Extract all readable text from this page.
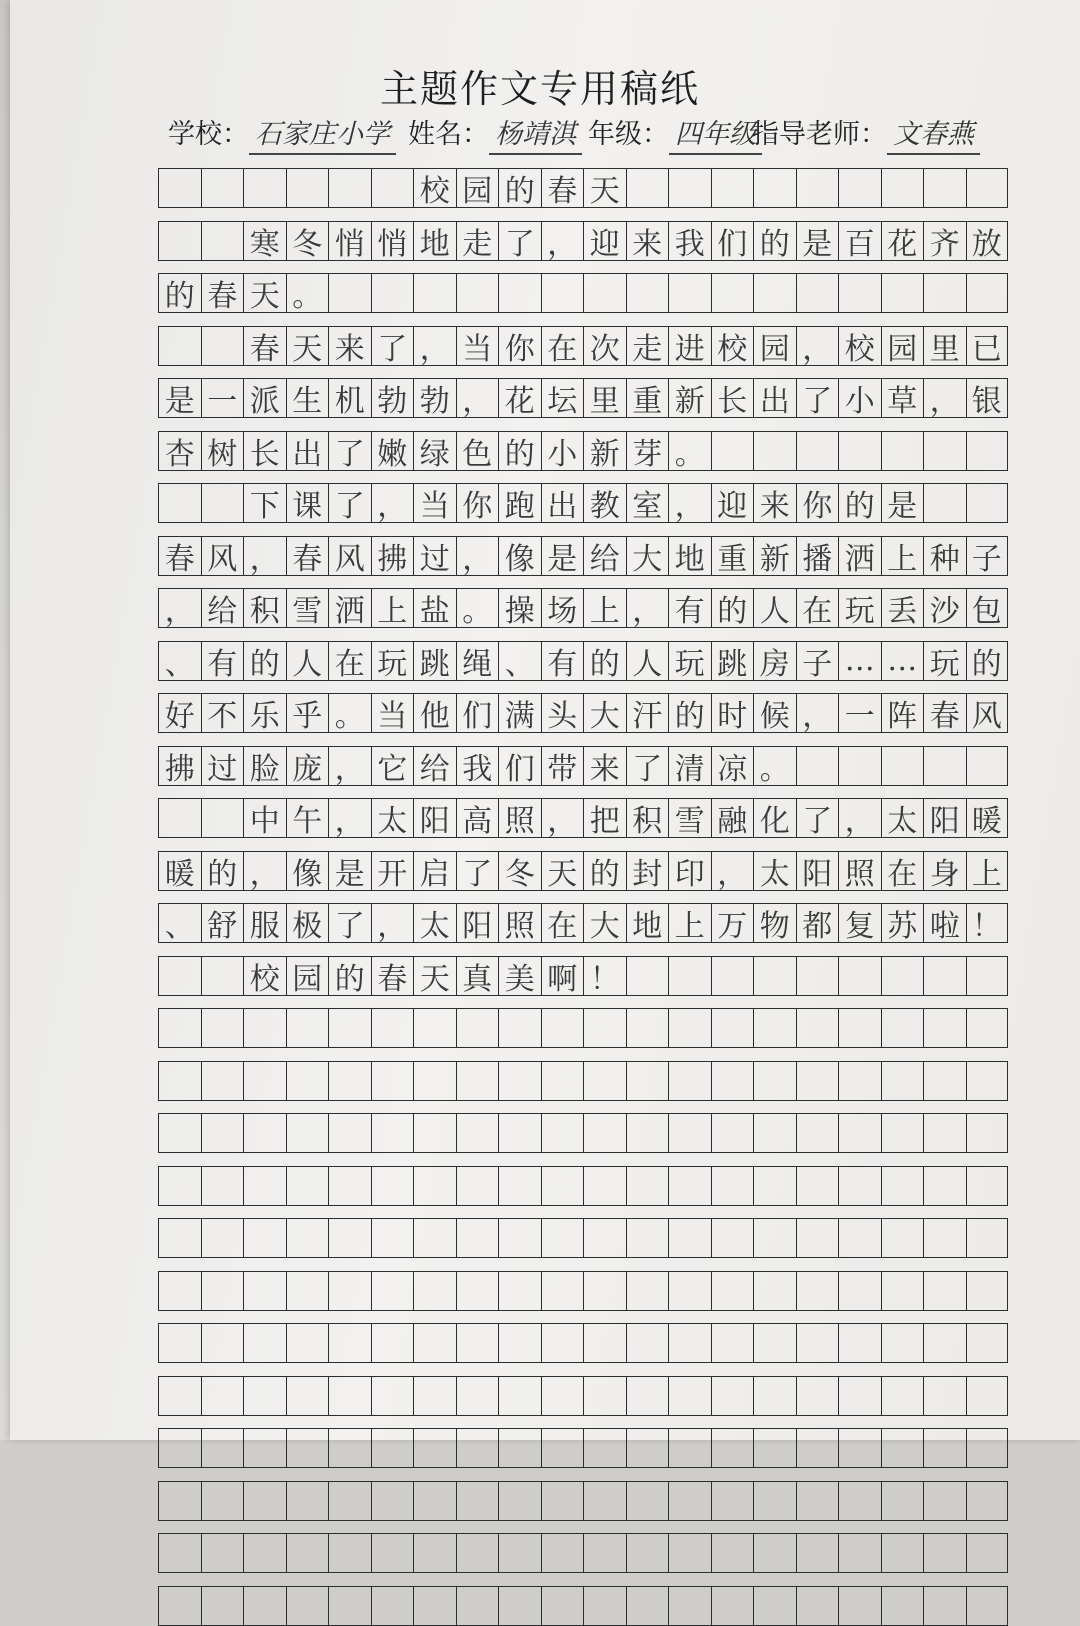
主题作文专用稿纸
学校： 石家庄小学 姓名： 杨靖淇 年级： 四年级
指导老师： 文春燕
校 园 的 春 天
寒 冬 悄 悄 地 走 了 ， 迎 来 我 们 的 是 百 花 齐 放
的 春 天 。
春 天 来 了 ， 当 你 在 次 走 进 校 园 ， 校 园 里 已
是 一 派 生 机 勃 勃 ， 花 坛 里 重 新 长 出 了 小 草 ， 银
杏 树 长 出 了 嫩 绿 色 的 小 新 芽 。
下 课 了 ， 当 你 跑 出 教 室 ， 迎 来 你 的 是
春 风 ， 春 风 拂 过 ， 像 是 给 大 地 重 新 播 洒 上 种 子
， 给 积 雪 洒 上 盐 。 操 场 上 ， 有 的 人 在 玩 丢 沙 包
、 有 的 人 在 玩 跳 绳 、 有 的 人 玩 跳 房 子 … … 玩 的
好 不 乐 乎 。 当 他 们 满 头 大 汗 的 时 候 ， 一 阵 春 风
拂 过 脸 庞 ， 它 给 我 们 带 来 了 清 凉 。
中 午 ， 太 阳 高 照 ， 把 积 雪 融 化 了 ， 太 阳 暖
暖 的 ， 像 是 开 启 了 冬 天 的 封 印 ， 太 阳 照 在 身 上
、 舒 服 极 了 ， 太 阳 照 在 大 地 上 万 物 都 复 苏 啦 ！
校 园 的 春 天 真 美 啊 ！
